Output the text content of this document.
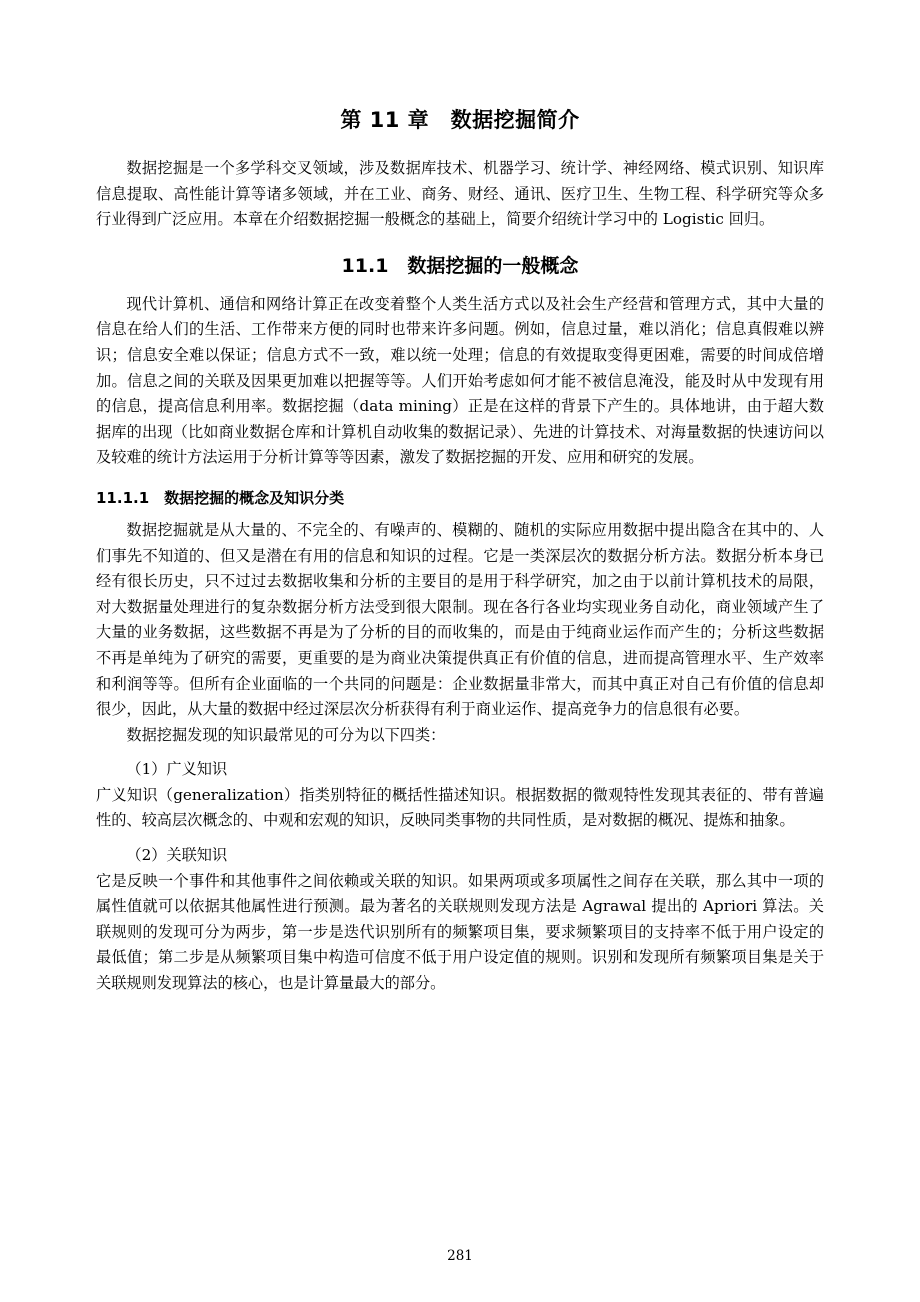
第 11 章　数据挖掘简介

数据挖掘是一个多学科交叉领域，涉及数据库技术、机器学习、统计学、神经网络、模式识别、知识库信息提取、高性能计算等诸多领域，并在工业、商务、财经、通讯、医疗卫生、生物工程、科学研究等众多行业得到广泛应用。本章在介绍数据挖掘一般概念的基础上，简要介绍统计学习中的 Logistic 回归。

11.1　数据挖掘的一般概念

现代计算机、通信和网络计算正在改变着整个人类生活方式以及社会生产经营和管理方式，其中大量的信息在给人们的生活、工作带来方便的同时也带来许多问题。例如，信息过量，难以消化；信息真假难以辨识；信息安全难以保证；信息方式不一致，难以统一处理；信息的有效提取变得更困难，需要的时间成倍增加。信息之间的关联及因果更加难以把握等等。人们开始考虑如何才能不被信息淹没，能及时从中发现有用的信息，提高信息利用率。数据挖掘（data mining）正是在这样的背景下产生的。具体地讲，由于超大数据库的出现（比如商业数据仓库和计算机自动收集的数据记录）、先进的计算技术、对海量数据的快速访问以及较难的统计方法运用于分析计算等等因素，激发了数据挖掘的开发、应用和研究的发展。

11.1.1　数据挖掘的概念及知识分类

数据挖掘就是从大量的、不完全的、有噪声的、模糊的、随机的实际应用数据中提出隐含在其中的、人们事先不知道的、但又是潜在有用的信息和知识的过程。它是一类深层次的数据分析方法。数据分析本身已经有很长历史，只不过过去数据收集和分析的主要目的是用于科学研究，加之由于以前计算机技术的局限，对大数据量处理进行的复杂数据分析方法受到很大限制。现在各行各业均实现业务自动化，商业领域产生了大量的业务数据，这些数据不再是为了分析的目的而收集的，而是由于纯商业运作而产生的；分析这些数据不再是单纯为了研究的需要，更重要的是为商业决策提供真正有价值的信息，进而提高管理水平、生产效率和利润等等。但所有企业面临的一个共同的问题是：企业数据量非常大，而其中真正对自己有价值的信息却很少，因此，从大量的数据中经过深层次分析获得有利于商业运作、提高竞争力的信息很有必要。

数据挖掘发现的知识最常见的可分为以下四类：

（1）广义知识

广义知识（generalization）指类别特征的概括性描述知识。根据数据的微观特性发现其表征的、带有普遍性的、较高层次概念的、中观和宏观的知识，反映同类事物的共同性质，是对数据的概况、提炼和抽象。

（2）关联知识

它是反映一个事件和其他事件之间依赖或关联的知识。如果两项或多项属性之间存在关联，那么其中一项的属性值就可以依据其他属性进行预测。最为著名的关联规则发现方法是 Agrawal 提出的 Apriori 算法。关联规则的发现可分为两步，第一步是迭代识别所有的频繁项目集，要求频繁项目的支持率不低于用户设定的最低值；第二步是从频繁项目集中构造可信度不低于用户设定值的规则。识别和发现所有频繁项目集是关于关联规则发现算法的核心，也是计算量最大的部分。

281
